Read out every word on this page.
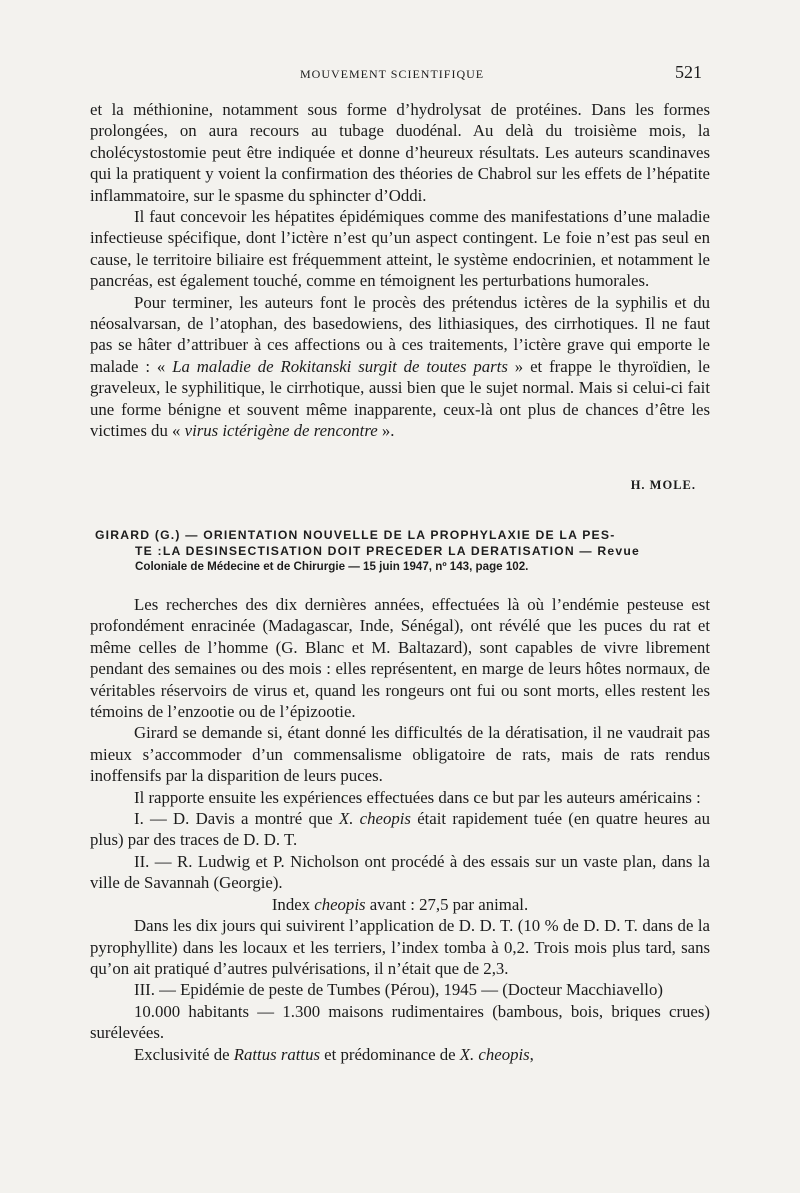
MOUVEMENT SCIENTIFIQUE	521

et la méthionine, notamment sous forme d’hydrolysat de protéines. Dans les formes prolongées, on aura recours au tubage duodénal. Au delà du troisième mois, la cholécystostomie peut être indiquée et donne d’heureux résultats. Les auteurs scandinaves qui la pratiquent y voient la confirmation des théories de Chabrol sur les effets de l’hépatite inflammatoire, sur le spasme du sphincter d’Oddi.

Il faut concevoir les hépatites épidémiques comme des manifestations d’une maladie infectieuse spécifique, dont l’ictère n’est qu’un aspect contingent. Le foie n’est pas seul en cause, le territoire biliaire est fréquemment atteint, le système endocrinien, et notamment le pancréas, est également touché, comme en témoignent les perturbations humorales.

Pour terminer, les auteurs font le procès des prétendus ictères de la syphilis et du néosalvarsan, de l’atophan, des basedowiens, des lithiasiques, des cirrhotiques. Il ne faut pas se hâter d’attribuer à ces affections ou à ces traitements, l’ictère grave qui emporte le malade : « La maladie de Rokitanski surgit de toutes parts » et frappe le thyroïdien, le graveleux, le syphilitique, le cirrhotique, aussi bien que le sujet normal. Mais si celui-ci fait une forme bénigne et souvent même inapparente, ceux-là ont plus de chances d’être les victimes du « virus ictérigène de rencontre ».

H. MOLE.
GIRARD (G.) — ORIENTATION NOUVELLE DE LA PROPHYLAXIE DE LA PES-
TE :LA DESINSECTISATION DOIT PRECEDER LA DERATISATION — Revue
Coloniale de Médecine et de Chirurgie — 15 juin 1947, nº 143, page 102.

Les recherches des dix dernières années, effectuées là où l’endémie pesteuse est profondément enracinée (Madagascar, Inde, Sénégal), ont révélé que les puces du rat et même celles de l’homme (G. Blanc et M. Baltazard), sont capables de vivre librement pendant des semaines ou des mois : elles représentent, en marge de leurs hôtes normaux, de véritables réservoirs de virus et, quand les rongeurs ont fui ou sont morts, elles restent les témoins de l’enzootie ou de l’épizootie.

Girard se demande si, étant donné les difficultés de la dératisation, il ne vaudrait pas mieux s’accommoder d’un commensalisme obligatoire de rats, mais de rats rendus inoffensifs par la disparition de leurs puces.

Il rapporte ensuite les expériences effectuées dans ce but par les auteurs américains :

I. — D. Davis a montré que X. cheopis était rapidement tuée (en quatre heures au plus) par des traces de D. D. T.

II. — R. Ludwig et P. Nicholson ont procédé à des essais sur un vaste plan, dans la ville de Savannah (Georgie).

Index cheopis avant : 27,5 par animal.

Dans les dix jours qui suivirent l’application de D. D. T. (10 % de D. D. T. dans de la pyrophyllite) dans les locaux et les terriers, l’index tomba à 0,2. Trois mois plus tard, sans qu’on ait pratiqué d’autres pulvérisations, il n’était que de 2,3.

III. — Epidémie de peste de Tumbes (Pérou), 1945 — (Docteur Macchiavello)

10.000 habitants — 1.300 maisons rudimentaires (bambous, bois, briques crues) surélevées.

Exclusivité de Rattus rattus et prédominance de X. cheopis,
